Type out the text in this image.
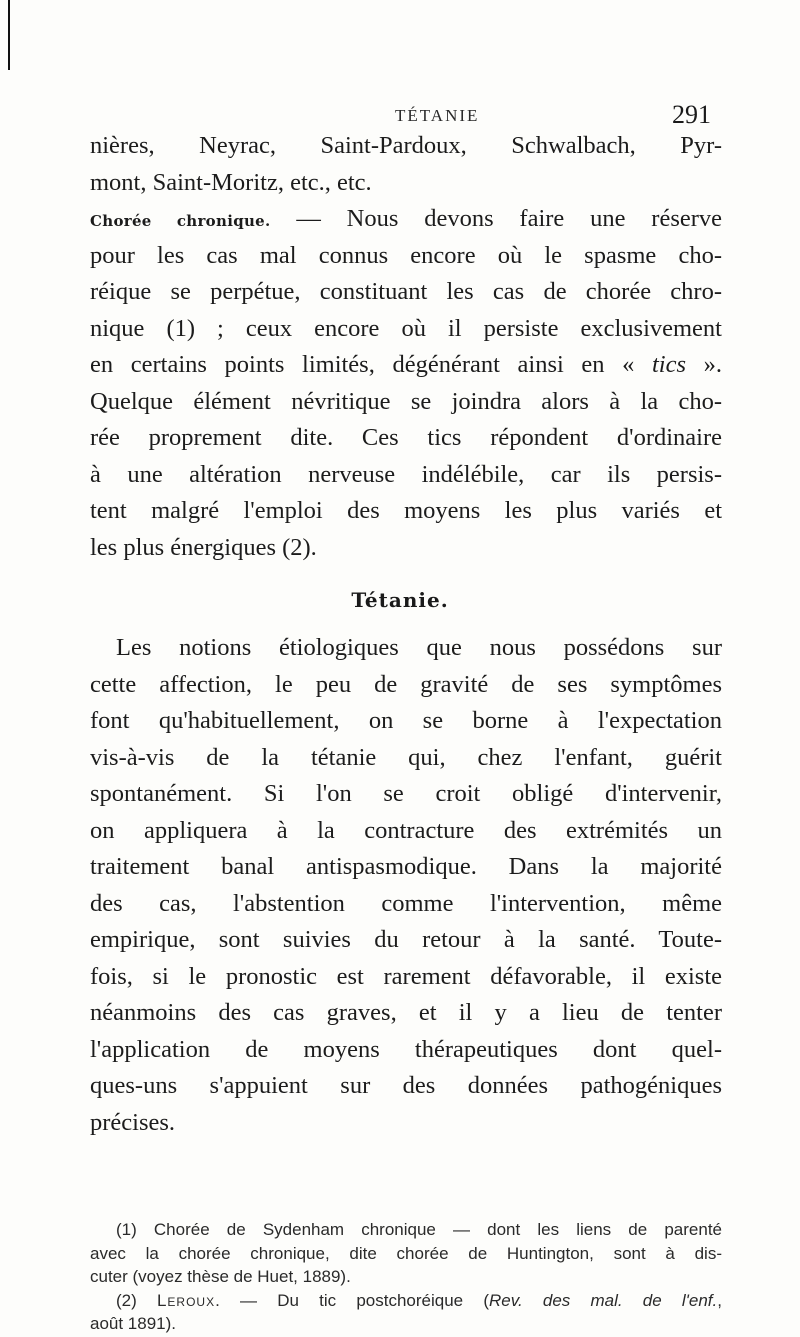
TÉTANIE	291
nières, Neyrac, Saint-Pardoux, Schwalbach, Pyr-
mont, Saint-Moritz, etc., etc.
Chorée chronique. — Nous devons faire une réserve
pour les cas mal connus encore où le spasme cho-
réique se perpétue, constituant les cas de chorée chro-
nique (1) ; ceux encore où il persiste exclusivement
en certains points limités, dégénérant ainsi en « tics ».
Quelque élément névritique se joindra alors à la cho-
rée proprement dite. Ces tics répondent d'ordinaire
à une altération nerveuse indélébile, car ils persis-
tent malgré l'emploi des moyens les plus variés et
les plus énergiques (2).
Tétanie.
Les notions étiologiques que nous possédons sur
cette affection, le peu de gravité de ses symptômes
font qu'habituellement, on se borne à l'expectation
vis-à-vis de la tétanie qui, chez l'enfant, guérit
spontanément. Si l'on se croit obligé d'intervenir,
on appliquera à la contracture des extrémités un
traitement banal antispasmodique. Dans la majorité
des cas, l'abstention comme l'intervention, même
empirique, sont suivies du retour à la santé. Toute-
fois, si le pronostic est rarement défavorable, il existe
néanmoins des cas graves, et il y a lieu de tenter
l'application de moyens thérapeutiques dont quel-
ques-uns s'appuient sur des données pathogéniques
précises.
(1) Chorée de Sydenham chronique — dont les liens de parenté
avec la chorée chronique, dite chorée de Huntington, sont à dis-
cuter (voyez thèse de Huet, 1889).
(2) Leroux. — Du tic postchoréique (Rev. des mal. de l'enf.,
août 1891).
